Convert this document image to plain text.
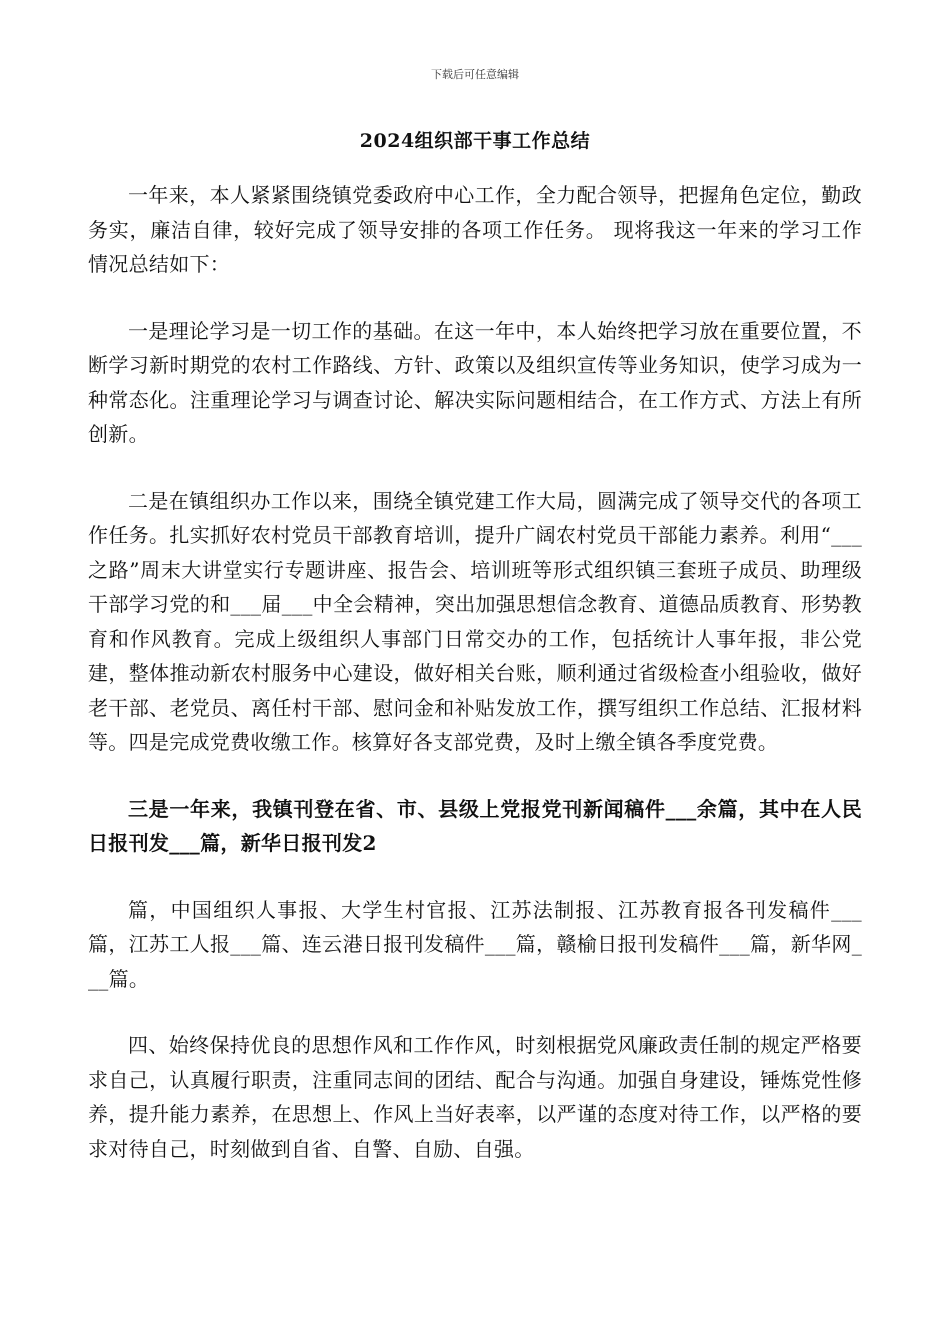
下载后可任意编辑
2024组织部干事工作总结

一年来，本人紧紧围绕镇党委政府中心工作，全力配合领导，把握角色定位，勤政务实，廉洁自律，较好完成了领导安排的各项工作任务。 现将我这一年来的学习工作情况总结如下：

一是理论学习是一切工作的基础。在这一年中，本人始终把学习放在重要位置，不断学习新时期党的农村工作路线、方针、政策以及组织宣传等业务知识，使学习成为一种常态化。注重理论学习与调查讨论、解决实际问题相结合，在工作方式、方法上有所创新。

二是在镇组织办工作以来，围绕全镇党建工作大局，圆满完成了领导交代的各项工作任务。扎实抓好农村党员干部教育培训，提升广阔农村党员干部能力素养。利用“___之路”周末大讲堂实行专题讲座、报告会、培训班等形式组织镇三套班子成员、助理级干部学习党的和___届___中全会精神，突出加强思想信念教育、道德品质教育、形势教育和作风教育。完成上级组织人事部门日常交办的工作，包括统计人事年报，非公党建，整体推动新农村服务中心建设，做好相关台账，顺利通过省级检查小组验收，做好老干部、老党员、离任村干部、慰问金和补贴发放工作，撰写组织工作总结、汇报材料等。四是完成党费收缴工作。核算好各支部党费，及时上缴全镇各季度党费。

三是一年来，我镇刊登在省、市、县级上党报党刊新闻稿件___余篇，其中在人民日报刊发___篇，新华日报刊发2

篇，中国组织人事报、大学生村官报、江苏法制报、江苏教育报各刊发稿件___篇，江苏工人报___篇、连云港日报刊发稿件___篇，赣榆日报刊发稿件___篇，新华网___篇。

四、始终保持优良的思想作风和工作作风，时刻根据党风廉政责任制的规定严格要求自己，认真履行职责，注重同志间的团结、配合与沟通。加强自身建设，锤炼党性修养，提升能力素养，在思想上、作风上当好表率，以严谨的态度对待工作，以严格的要求对待自己，时刻做到自省、自警、自励、自强。
